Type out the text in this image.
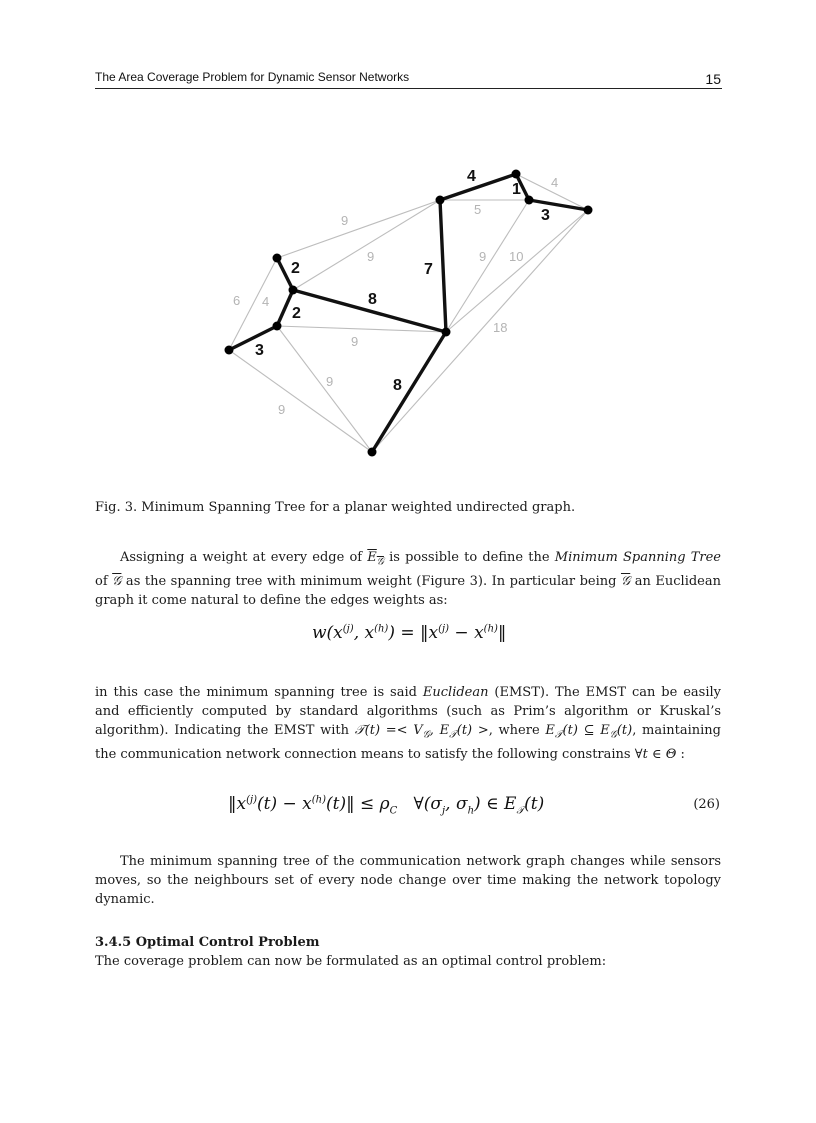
The Area Coverage Problem for Dynamic Sensor Networks	15
4
1
3
2
2
3
8
7
8
4
5
9
9	10
9
6 4
9
18
9
9
Fig. 3. Minimum Spanning Tree for a planar weighted undirected graph.
Assigning a weight at every edge of $E_𝒢$ is possible to define the Minimum Spanning Tree of 𝒢 as the spanning tree with minimum weight (Figure 3). In particular being 𝒢 an Euclidean graph it come natural to define the edges weights as:
$w(x^{(j)}$, $x^{(h)}$) = $‖x^{(j)}$ − $x^{(h)}‖$
in this case the minimum spanning tree is said Euclidean (EMST). The EMST can be easily and efficiently computed by standard algorithms (such as Prim’s algorithm or Kruskal’s algorithm). Indicating the EMST with 𝒯(t) =< $V_𝒢$, $E_𝒯(t)$ >, where $E_𝒯(t)$ ⊆ $E_𝒢(t)$, maintaining the communication network connection means to satisfy the following constrains ∀t ∈ Θ :
$‖x^{(j)}(t)$ − $x^{(h)}(t)‖ \le \rho_C$   $\forall(\sigma_j$, $\sigma_h$) ∈ $E_𝒯(t)$	(26)
The minimum spanning tree of the communication network graph changes while sensors moves, so the neighbours set of every node change over time making the network topology dynamic.
3.4.5 Optimal Control Problem
The coverage problem can now be formulated as an optimal control problem:
